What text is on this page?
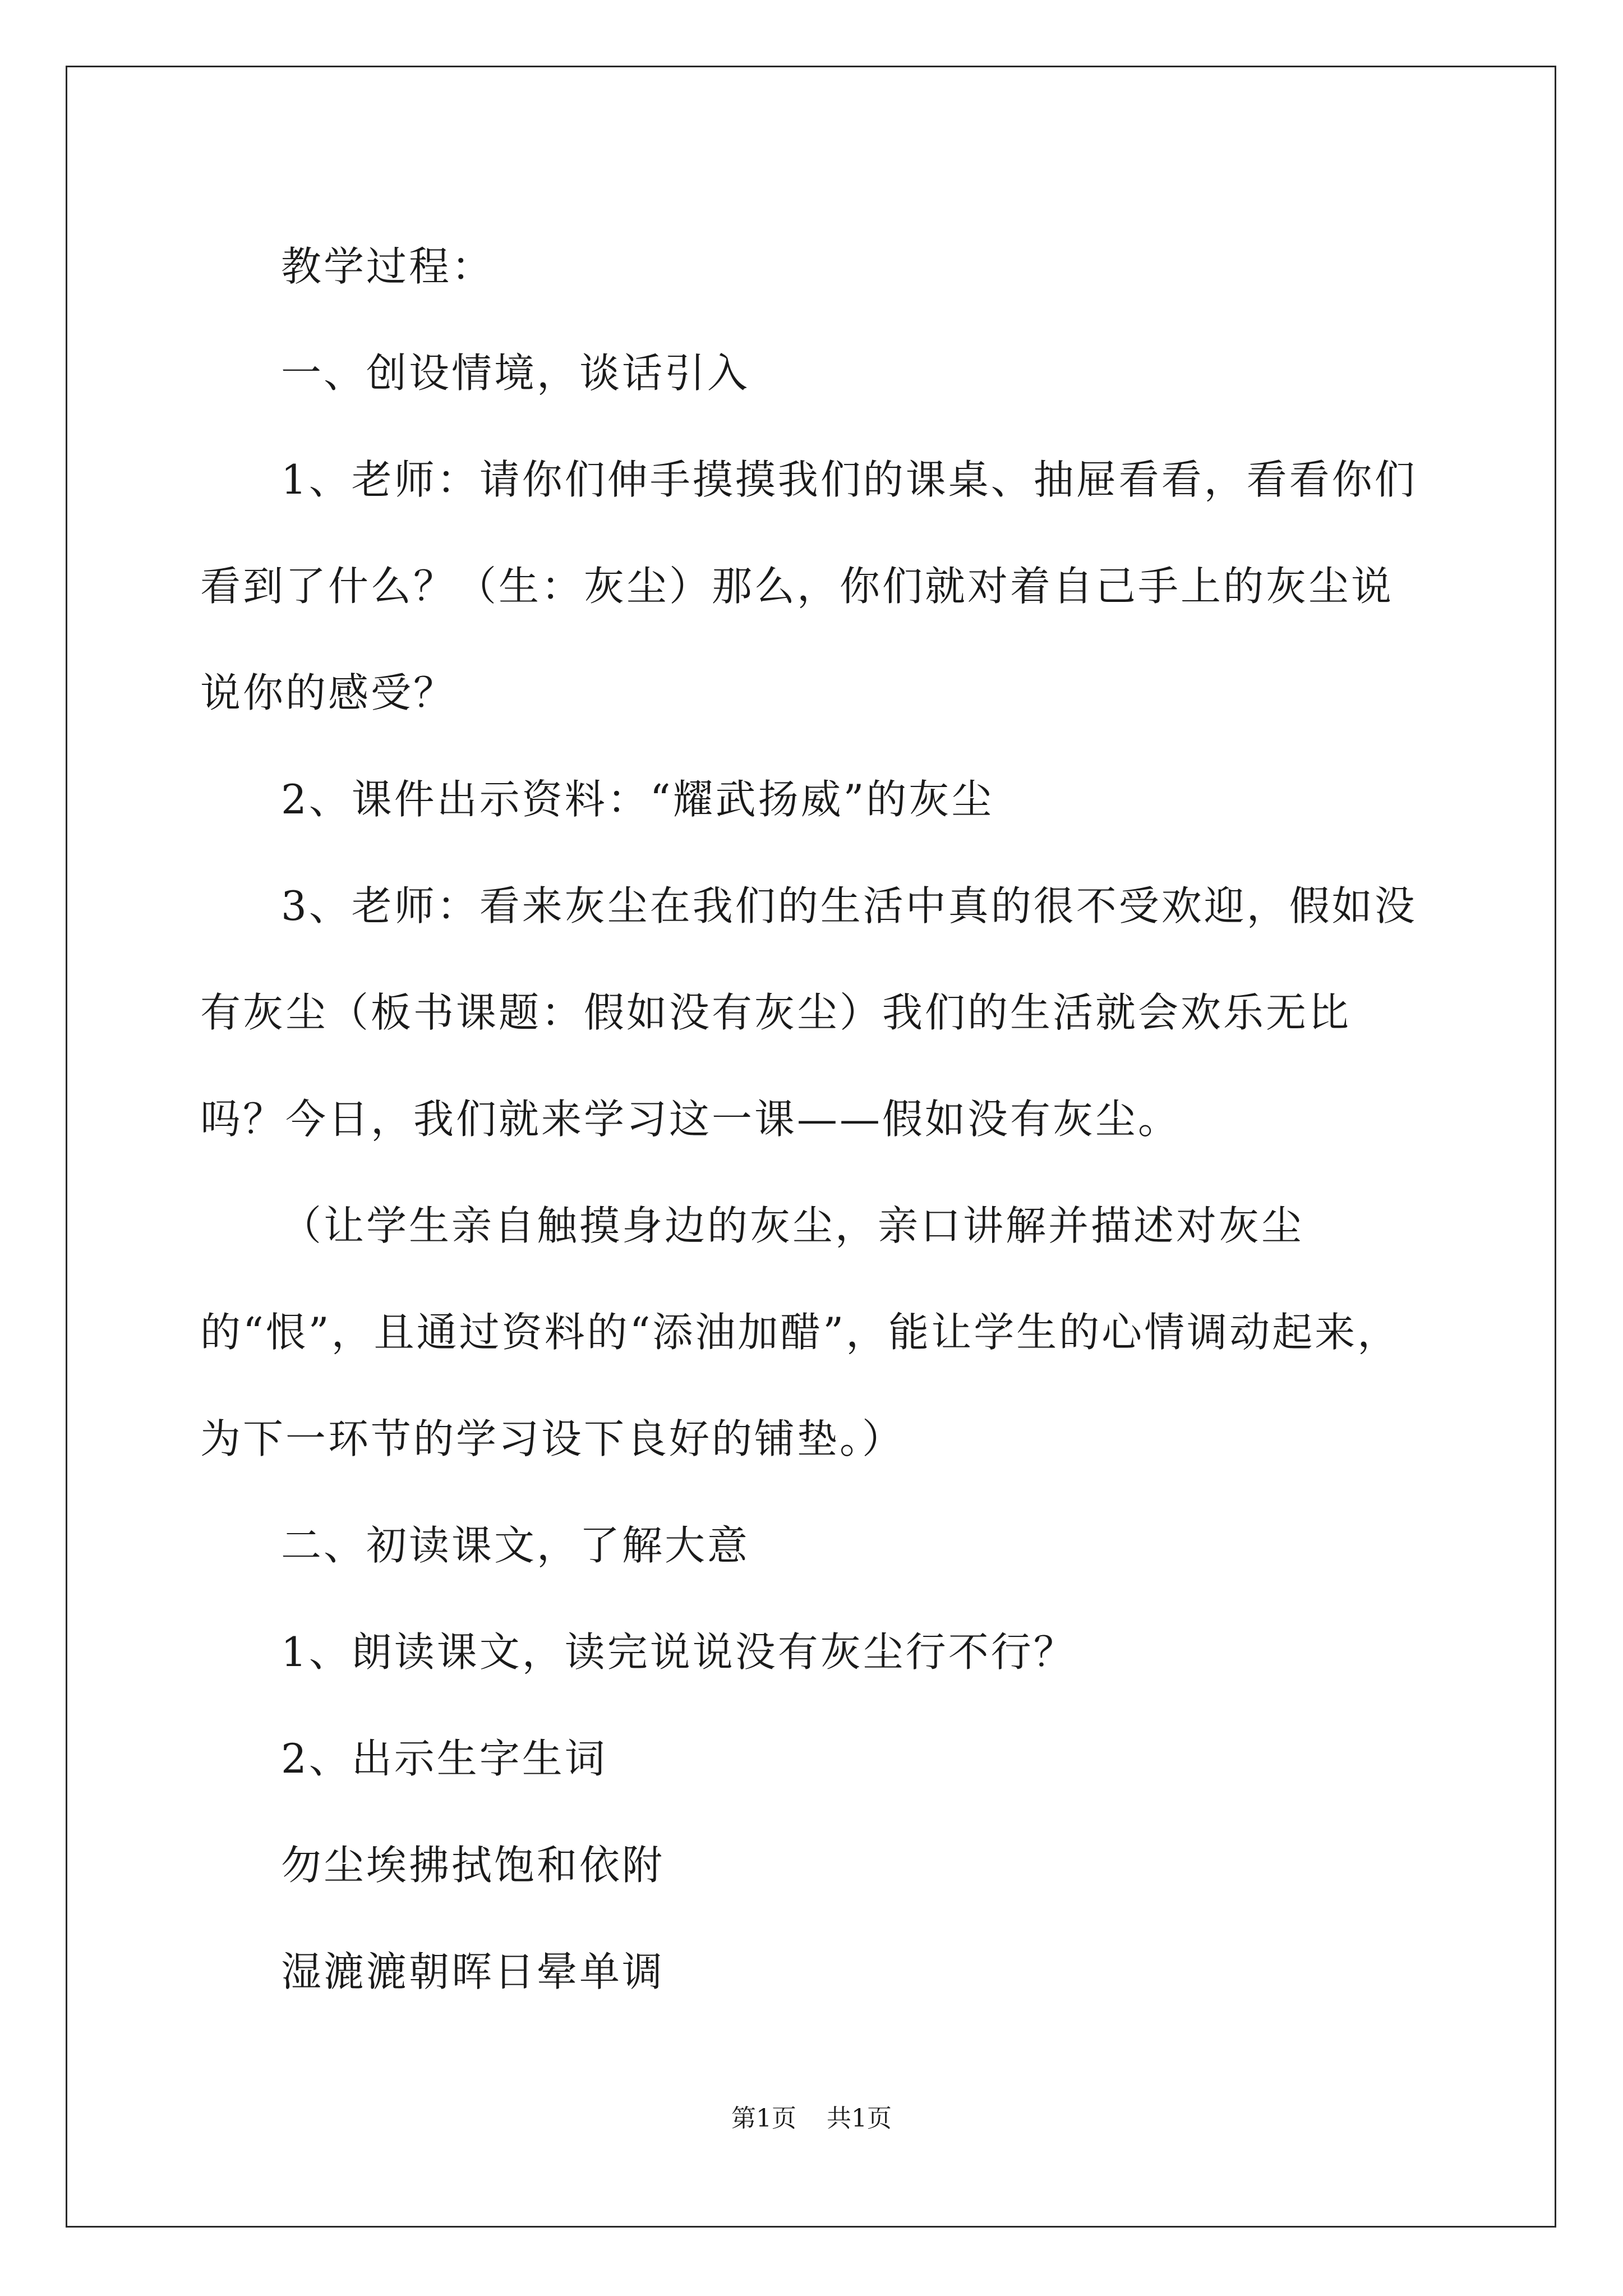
教学过程：

一、创设情境，谈话引入

1、老师：请你们伸手摸摸我们的课桌、抽屉看看，看看你们看到了什么？（生：灰尘）那么，你们就对着自己手上的灰尘说说你的感受？

2、课件出示资料：“耀武扬威”的灰尘

3、老师：看来灰尘在我们的生活中真的很不受欢迎，假如没有灰尘（板书课题：假如没有灰尘）我们的生活就会欢乐无比吗？今日，我们就来学习这一课——假如没有灰尘。

（让学生亲自触摸身边的灰尘，亲口讲解并描述对灰尘的“恨”，且通过资料的“添油加醋”，能让学生的心情调动起来，为下一环节的学习设下良好的铺垫。）

二、初读课文，了解大意

1、朗读课文，读完说说没有灰尘行不行？

2、出示生字生词

勿尘埃拂拭饱和依附

湿漉漉朝晖日晕单调

第1页 共1页
